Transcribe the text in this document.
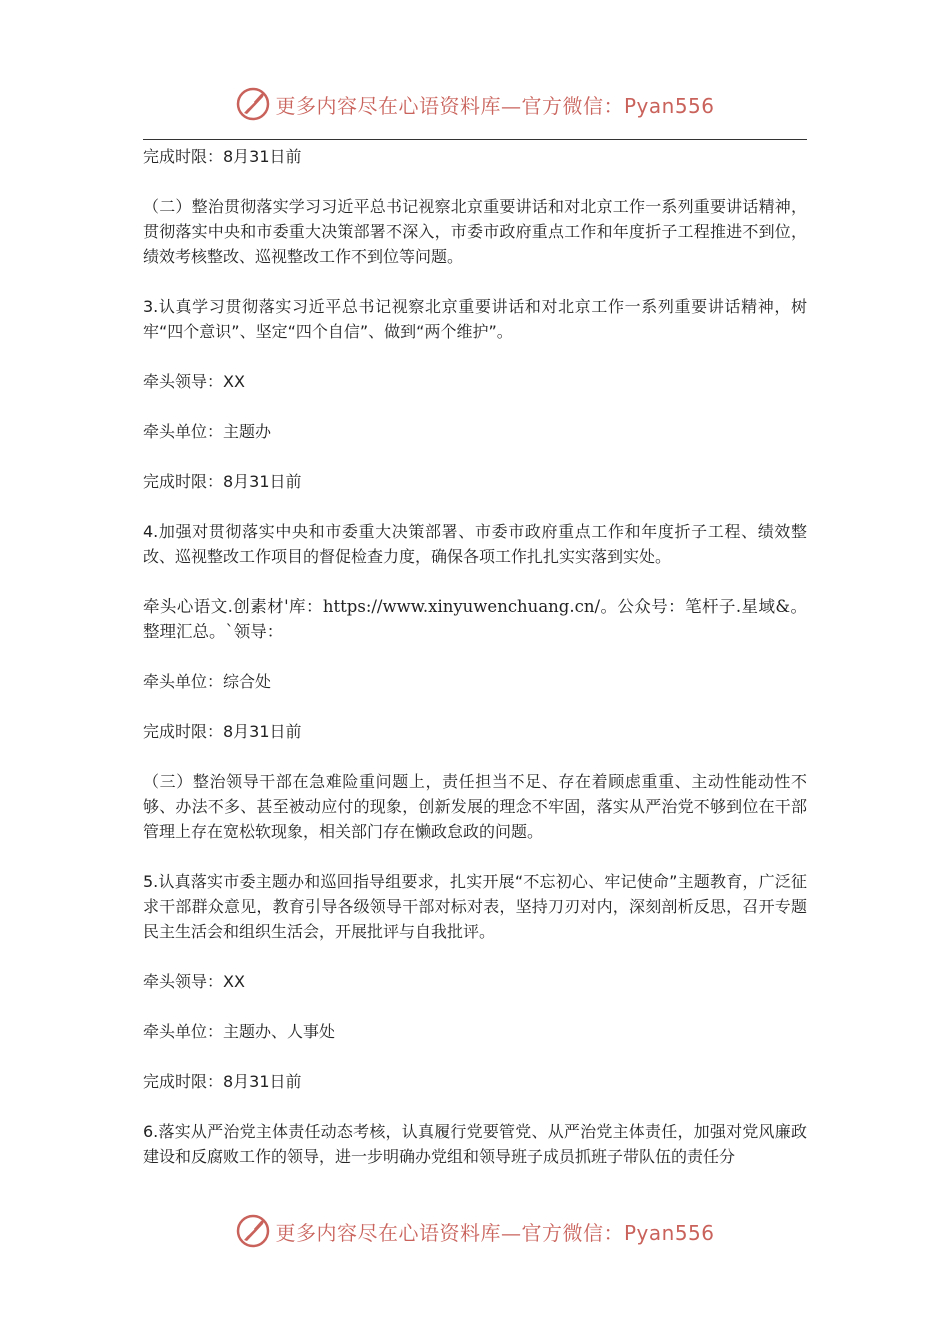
更多内容尽在心语资料库—官方微信：Pyan556

完成时限：8月31日前

（二）整治贯彻落实学习习近平总书记视察北京重要讲话和对北京工作一系列重要讲话精神，贯彻落实中央和市委重大决策部署不深入，市委市政府重点工作和年度折子工程推进不到位，绩效考核整改、巡视整改工作不到位等问题。

3.认真学习贯彻落实习近平总书记视察北京重要讲话和对北京工作一系列重要讲话精神，树牢“四个意识”、坚定“四个自信”、做到“两个维护”。

牵头领导：XX

牵头单位：主题办

完成时限：8月31日前

4.加强对贯彻落实中央和市委重大决策部署、市委市政府重点工作和年度折子工程、绩效整改、巡视整改工作项目的督促检查力度，确保各项工作扎扎实实落到实处。

牵头心语文.创素材'库：https://www.xinyuwenchuang.cn/。公众号：笔杆子.星域&。整理汇总。`领导：

牵头单位：综合处

完成时限：8月31日前

（三）整治领导干部在急难险重问题上，责任担当不足、存在着顾虑重重、主动性能动性不够、办法不多、甚至被动应付的现象，创新发展的理念不牢固，落实从严治党不够到位在干部管理上存在宽松软现象，相关部门存在懒政怠政的问题。

5.认真落实市委主题办和巡回指导组要求，扎实开展“不忘初心、牢记使命”主题教育，广泛征求干部群众意见，教育引导各级领导干部对标对表，坚持刀刃对内，深刻剖析反思，召开专题民主生活会和组织生活会，开展批评与自我批评。

牵头领导：XX

牵头单位：主题办、人事处

完成时限：8月31日前

6.落实从严治党主体责任动态考核，认真履行党要管党、从严治党主体责任，加强对党风廉政建设和反腐败工作的领导，进一步明确办党组和领导班子成员抓班子带队伍的责任分

更多内容尽在心语资料库—官方微信：Pyan556
